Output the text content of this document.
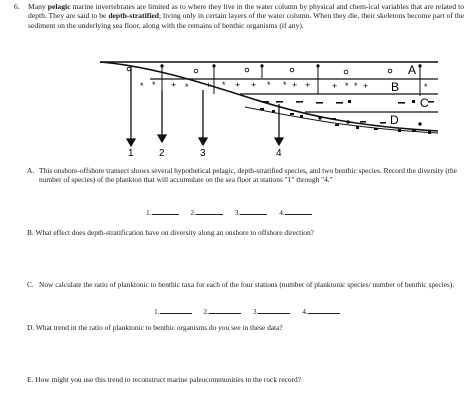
6. Many pelagic marine invertebrates are limited as to where they live in the water column by physical and chem-ical variables that are related to depth. They are said to be depth-stratified; living only in certain layers of the water column. When they die, their skeletons become part of the sediment on the underlying sea floor, along with the remains of benthic organisms (if any).
* * + * + * + + * * + + + * * +	*
A
B
C
D
1	2	3	4
A. This onshore-offshore transect shows several hypothetical pelagic, depth-stratified species, and two benthic species. Record the diversity (the number of species) of the plankton that will accumulate on the sea floor at stations "1" through "4."
1.	2.	3.	4.
B. What effect does depth-stratification have on diversity along an onshore to offshore direction?
C. Now calculate the ratio of planktonic to benthic taxa for each of the four stations (number of planktonic species/ number of benthic species).
1.	2.	3.	4.
D. What trend in the ratio of planktonic to benthic organisms do you see in these data?
E. How might you use this trend to reconstruct marine paleocommunities in the rock record?
